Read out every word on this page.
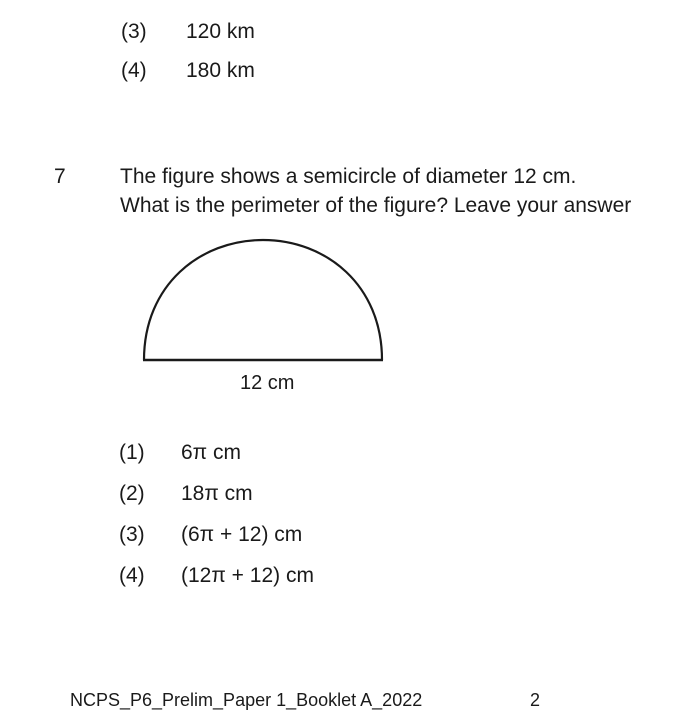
(3) 120 km
(4) 180 km
7	The figure shows a semicircle of diameter 12 cm.
What is the perimeter of the figure? Leave your answer
12 cm
(1) 6π cm
(2) 18π cm
(3) (6π + 12) cm
(4) (12π + 12) cm
NCPS_P6_Prelim_Paper 1_Booklet A_2022	2
